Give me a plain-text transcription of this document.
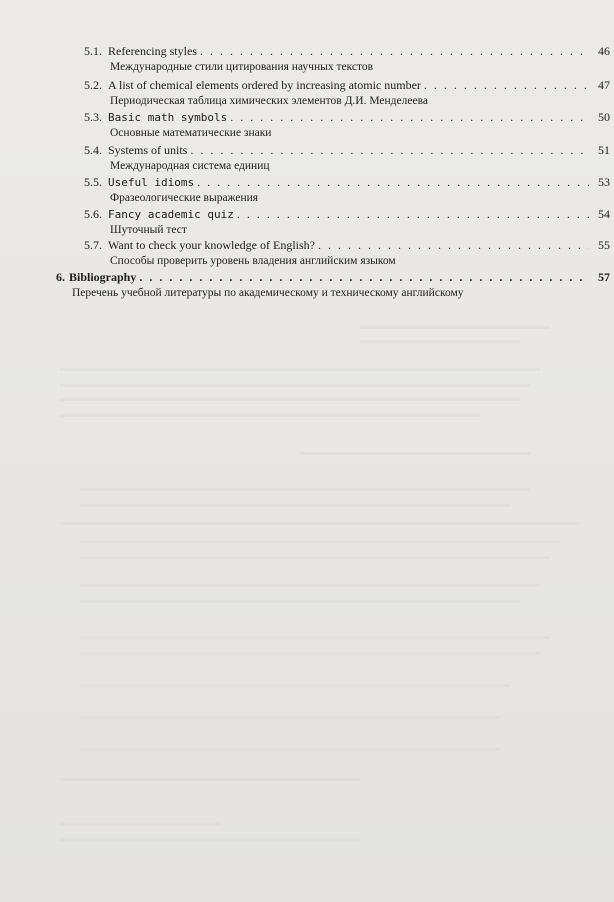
5.1. Referencing styles . . .	46
Международные стили цитирования научных текстов
5.2. A list of chemical elements ordered by increasing atomic number . . .	47
Периодическая таблица химических элементов Д.И. Менделеева
5.3. Basic math symbols . . .	50
Основные математические знаки
5.4. Systems of units . . .	51
Международная система единиц
5.5. Useful idioms . . .	53
Фразеологические выражения
5.6. Fancy academic quiz . . .	54
Шуточный тест
5.7. Want to check your knowledge of English? . . .	55
Способы проверить уровень владения английским языком
6. Bibliography . . .	57
Перечень учебной литературы по академическому и техническому английскому
